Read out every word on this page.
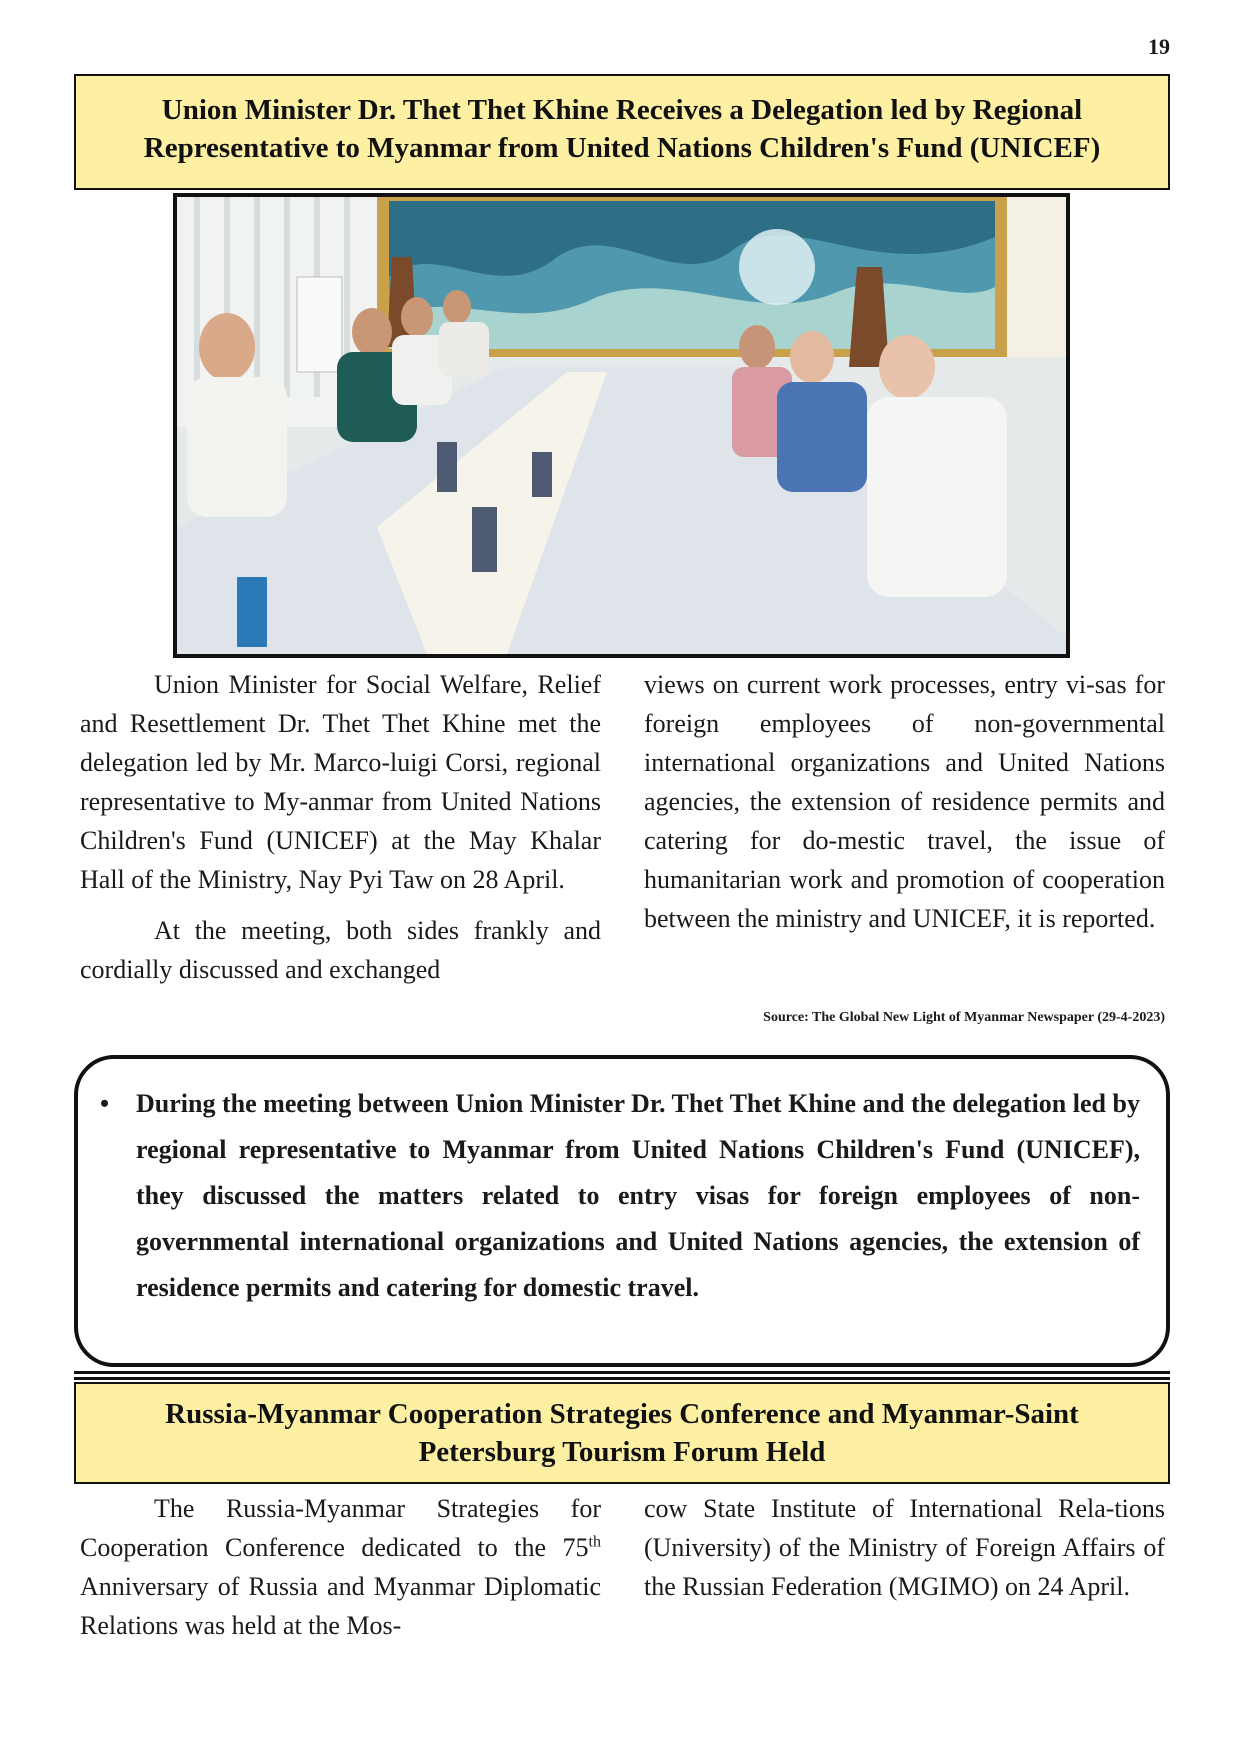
19
Union Minister Dr. Thet Thet Khine Receives a Delegation led by Regional
Representative to Myanmar from United Nations Children's Fund (UNICEF)

Union Minister for Social Welfare, Relief and Resettlement Dr. Thet Thet Khine met the delegation led by Mr. Marco-luigi Corsi, regional representative to My-anmar from United Nations Children's Fund (UNICEF) at the May Khalar Hall of the Ministry, Nay Pyi Taw on 28 April.

At the meeting, both sides frankly and cordially discussed and exchanged

views on current work processes, entry vi-sas for foreign employees of non-governmental international organizations and United Nations agencies, the extension of residence permits and catering for do-mestic travel, the issue of humanitarian work and promotion of cooperation between the ministry and UNICEF, it is reported.

Source: The Global New Light of Myanmar Newspaper (29-4-2023)
• During the meeting between Union Minister Dr. Thet Thet Khine and the delegation led by regional representative to Myanmar from United Nations Children's Fund (UNICEF), they discussed the matters related to entry visas for foreign employees of non-governmental international organizations and United Nations agencies, the extension of residence permits and catering for domestic travel.
Russia-Myanmar Cooperation Strategies Conference and Myanmar-Saint
Petersburg Tourism Forum Held

The Russia-Myanmar Strategies for Cooperation Conference dedicated to the 75th Anniversary of Russia and Myanmar Diplomatic Relations was held at the Mos-

cow State Institute of International Rela-tions (University) of the Ministry of Foreign Affairs of the Russian Federation (MGIMO) on 24 April.
